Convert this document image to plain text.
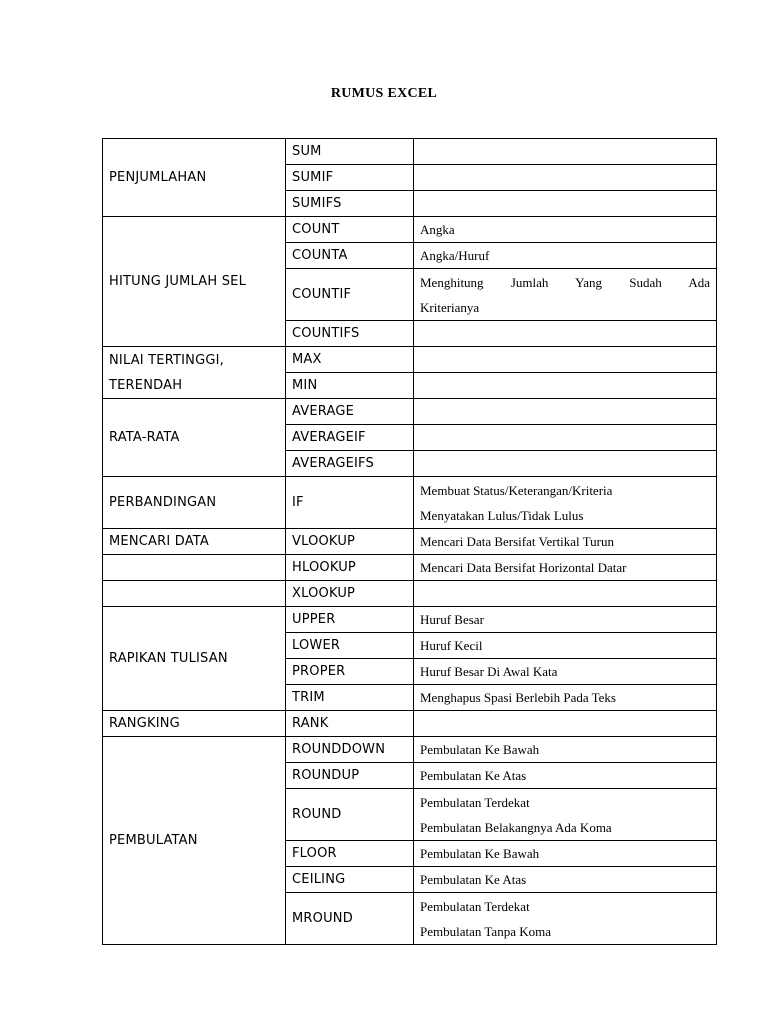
RUMUS EXCEL
PENJUMLAHAN	SUM	
	SUMIF	
	SUMIFS	
HITUNG JUMLAH SEL	COUNT	Angka
	COUNTA	Angka/Huruf
	COUNTIF	Menghitung Jumlah Yang Sudah Ada
Kriterianya

	COUNTIFS	

NILAI TERTINGGI,
TERENDAH	MAX	
	MIN	
RATA-RATA	AVERAGE	
	AVERAGEIF	
	AVERAGEIFS	
PERBANDINGAN	IF	Membuat Status/Keterangan/Kriteria
Menyatakan Lulus/Tidak Lulus

MENCARI DATA	VLOOKUP	Mencari Data Bersifat Vertikal Turun
	HLOOKUP	Mencari Data Bersifat Horizontal Datar
	XLOOKUP	
RAPIKAN TULISAN	UPPER	Huruf Besar
	LOWER	Huruf Kecil
	PROPER	Huruf Besar Di Awal Kata
	TRIM	Menghapus Spasi Berlebih Pada Teks
RANGKING	RANK	
PEMBULATAN	ROUNDDOWN	Pembulatan Ke Bawah
	ROUNDUP	Pembulatan Ke Atas
	ROUND	Pembulatan Terdekat
Pembulatan Belakangnya Ada Koma

	FLOOR	Pembulatan Ke Bawah
	CEILING	Pembulatan Ke Atas
	MROUND	Pembulatan Terdekat
Pembulatan Tanpa Koma
